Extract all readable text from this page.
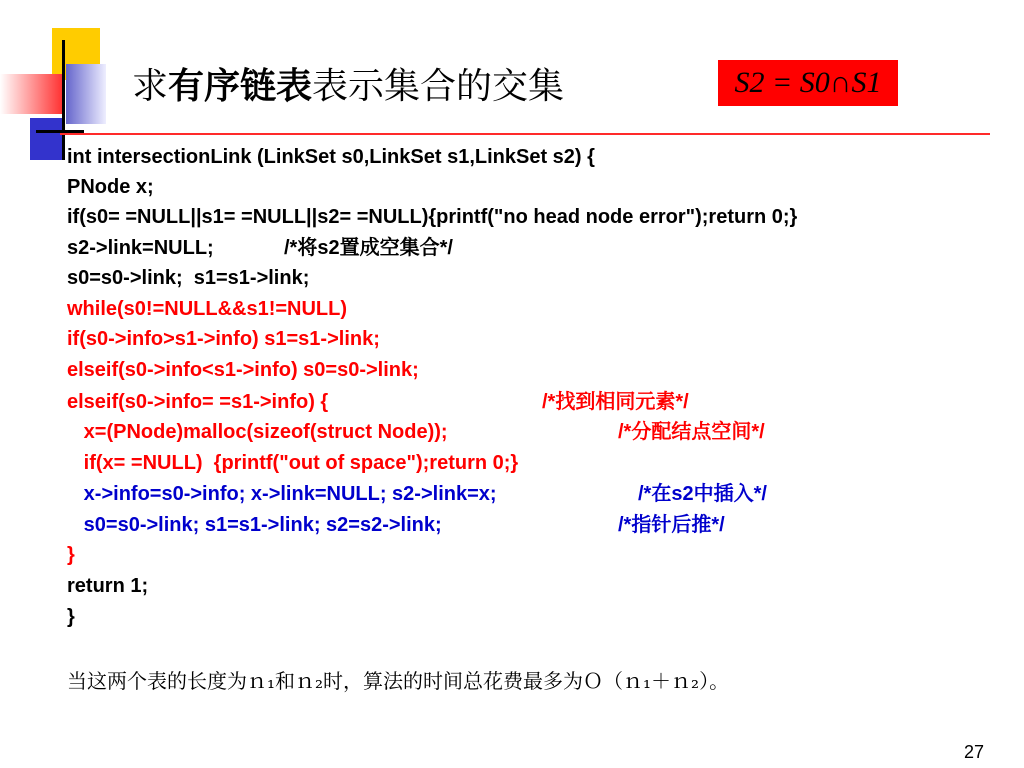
求有序链表表示集合的交集	S2 = S0∩S1
int intersectionLink (LinkSet s0,LinkSet s1,LinkSet s2) {
PNode x;
if(s0= =NULL||s1= =NULL||s2= =NULL){printf("no head node error");return 0;}
s2->link=NULL;	/*将s2置成空集合*/
s0=s0->link;  s1=s1->link;
while(s0!=NULL&&s1!=NULL)
if(s0->info>s1->info) s1=s1->link;
elseif(s0->info<s1->info) s0=s0->link;
elseif(s0->info= =s1->info) {	/*找到相同元素*/
x=(PNode)malloc(sizeof(struct Node));	/*分配结点空间*/
if(x= =NULL)  {printf("out of space");return 0;}
x->info=s0->info; x->link=NULL; s2->link=x;	/*在s2中插入*/
s0=s0->link; s1=s1->link; s2=s2->link;	/*指针后推*/
}
return 1;
}
当这两个表的长度为ｎ₁和ｎ₂时，算法的时间总花费最多为Ｏ（ｎ₁＋ｎ₂）。
27
